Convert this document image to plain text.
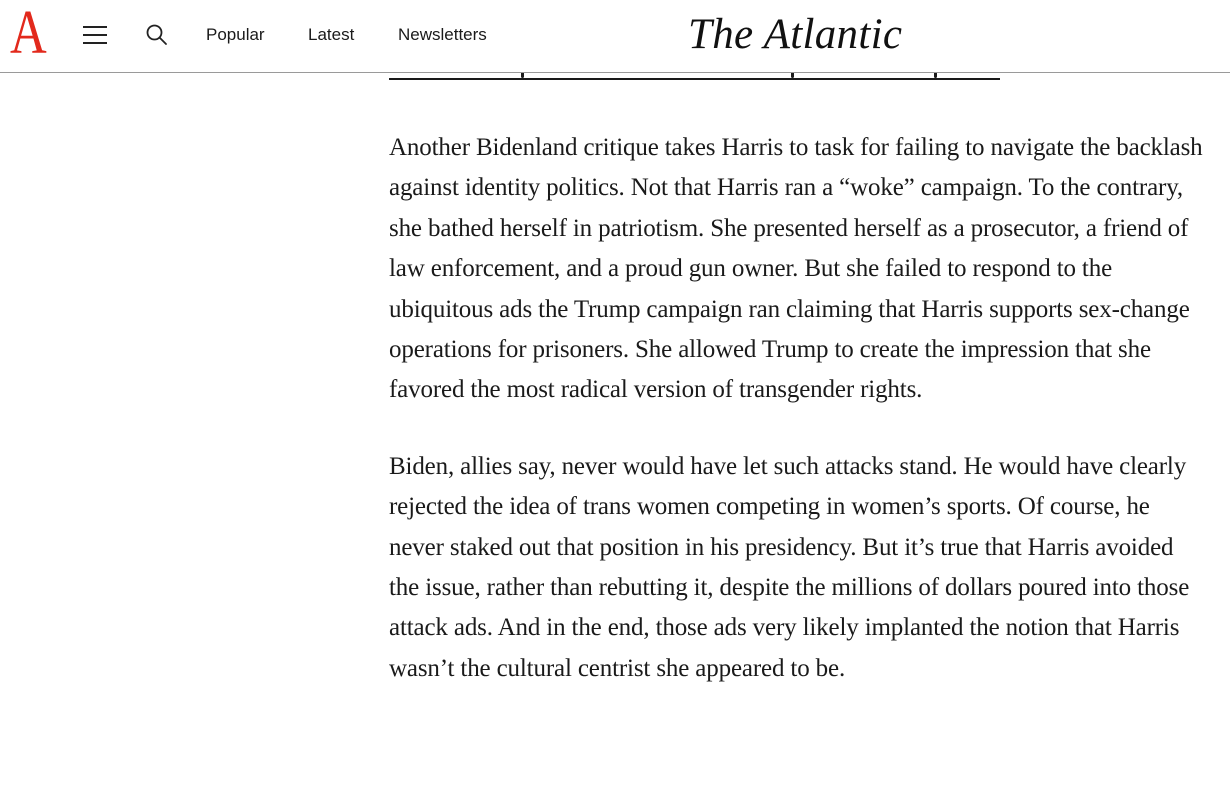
A	Popular	Latest	Newsletters	The Atlantic

Another Bidenland critique takes Harris to task for failing to navigate the backlash against identity politics. Not that Harris ran a “woke” campaign. To the contrary, she bathed herself in patriotism. She presented herself as a prosecutor, a friend of law enforcement, and a proud gun owner. But she failed to respond to the ubiquitous ads the Trump campaign ran claiming that Harris supports sex-change operations for prisoners. She allowed Trump to create the impression that she favored the most radical version of transgender rights.

Biden, allies say, never would have let such attacks stand. He would have clearly rejected the idea of trans women competing in women’s sports. Of course, he never staked out that position in his presidency. But it’s true that Harris avoided the issue, rather than rebutting it, despite the millions of dollars poured into those attack ads. And in the end, those ads very likely implanted the notion that Harris wasn’t the cultural centrist she appeared to be.
